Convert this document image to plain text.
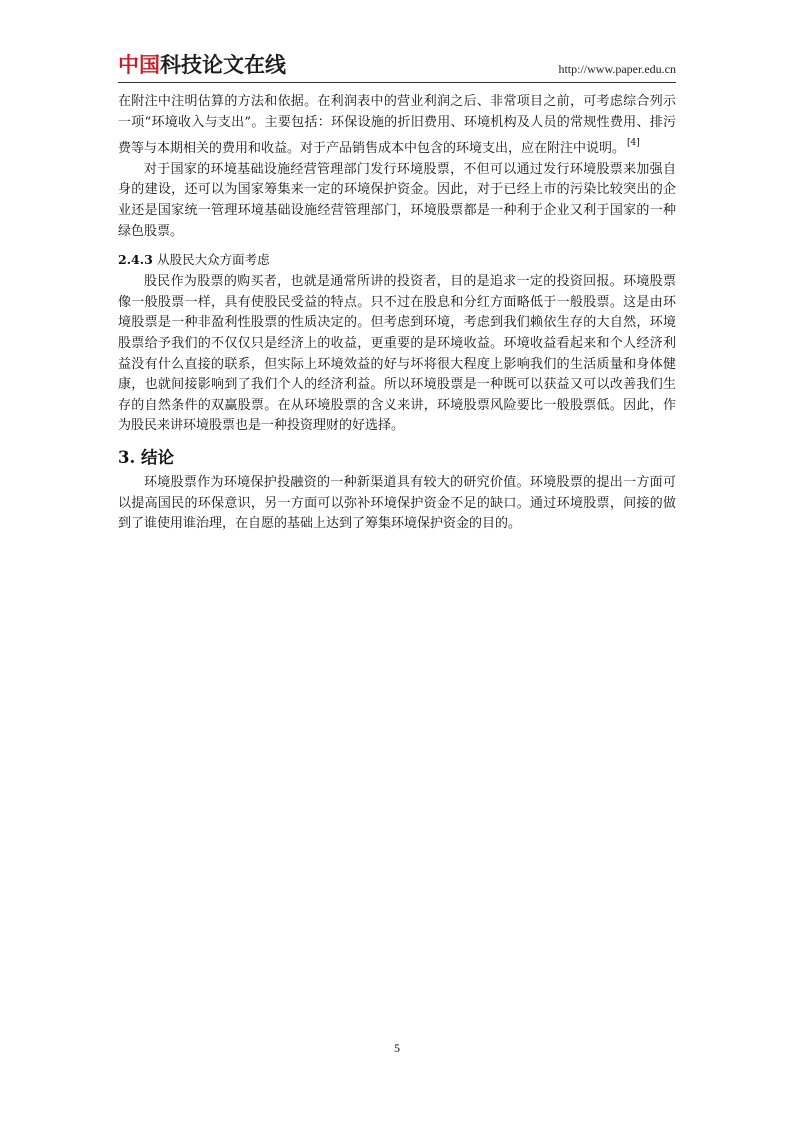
中国科技论文在线	http://www.paper.edu.cn

在附注中注明估算的方法和依据。在利润表中的营业利润之后、非常项目之前，可考虑综合列示一项“环境收入与支出”。主要包括：环保设施的折旧费用、环境机构及人员的常规性费用、排污费等与本期相关的费用和收益。对于产品销售成本中包含的环境支出，应在附注中说明。 [4]

对于国家的环境基础设施经营管理部门发行环境股票，不但可以通过发行环境股票来加强自身的建设，还可以为国家筹集来一定的环境保护资金。因此，对于已经上市的污染比较突出的企业还是国家统一管理环境基础设施经营管理部门，环境股票都是一种利于企业又利于国家的一种绿色股票。

2.4.3 从股民大众方面考虑

股民作为股票的购买者，也就是通常所讲的投资者，目的是追求一定的投资回报。环境股票像一般股票一样，具有使股民受益的特点。只不过在股息和分红方面略低于一般股票。这是由环境股票是一种非盈利性股票的性质决定的。但考虑到环境，考虑到我们赖依生存的大自然，环境股票给予我们的不仅仅只是经济上的收益，更重要的是环境收益。环境收益看起来和个人经济利益没有什么直接的联系，但实际上环境效益的好与坏将很大程度上影响我们的生活质量和身体健康，也就间接影响到了我们个人的经济利益。所以环境股票是一种既可以获益又可以改善我们生存的自然条件的双赢股票。在从环境股票的含义来讲，环境股票风险要比一般股票低。因此，作为股民来讲环境股票也是一种投资理财的好选择。

3. 结论

环境股票作为环境保护投融资的一种新渠道具有较大的研究价值。环境股票的提出一方面可以提高国民的环保意识，另一方面可以弥补环境保护资金不足的缺口。通过环境股票，间接的做到了谁使用谁治理，在自愿的基础上达到了筹集环境保护资金的目的。

5
